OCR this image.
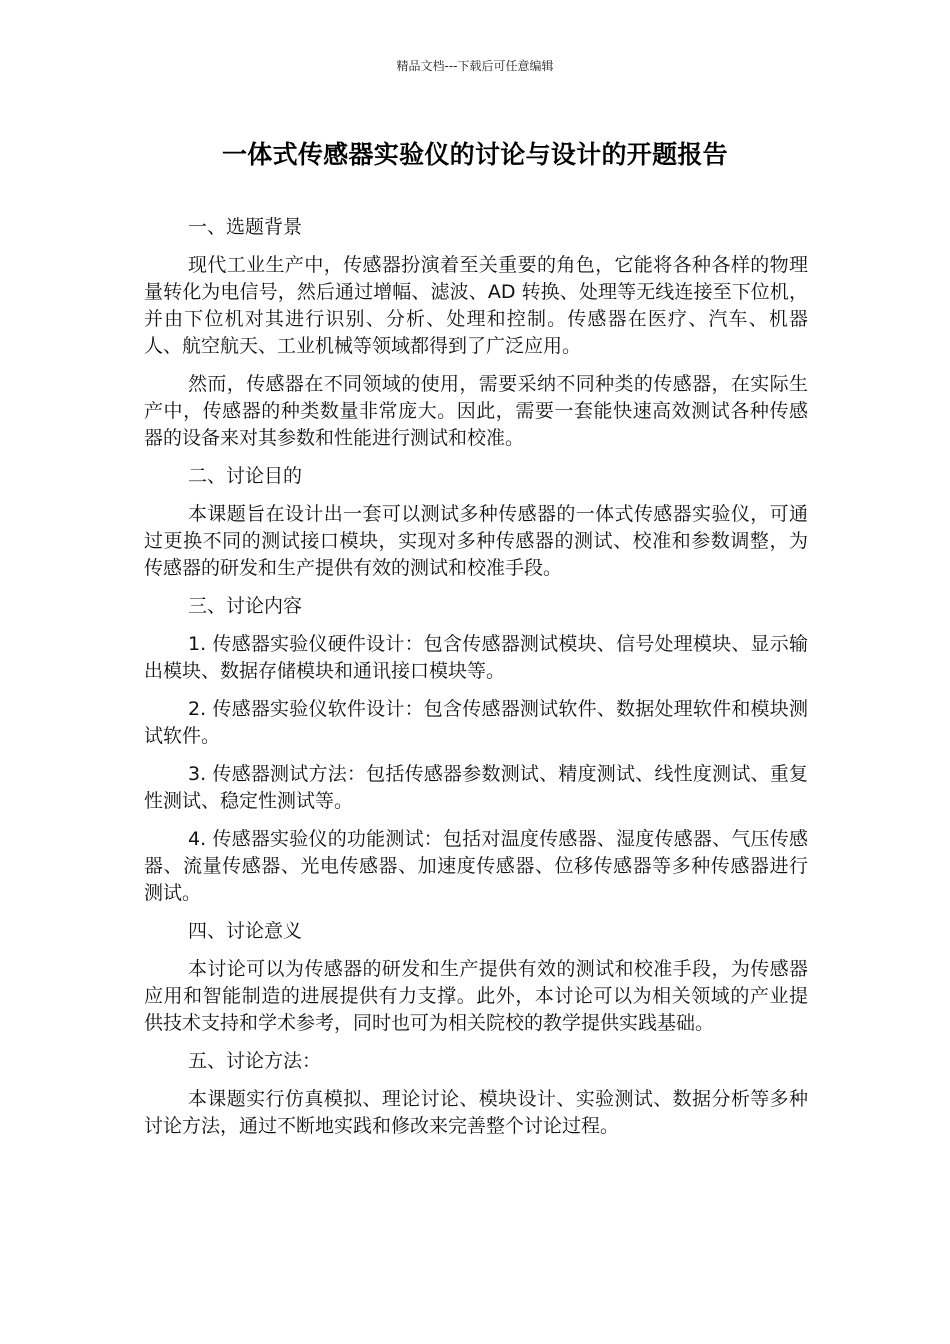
精品文档---下载后可任意编辑
一体式传感器实验仪的讨论与设计的开题报告
一、选题背景

现代工业生产中，传感器扮演着至关重要的角色，它能将各种各样的物理量转化为电信号，然后通过增幅、滤波、AD 转换、处理等无线连接至下位机，并由下位机对其进行识别、分析、处理和控制。传感器在医疗、汽车、机器人、航空航天、工业机械等领域都得到了广泛应用。

然而，传感器在不同领域的使用，需要采纳不同种类的传感器，在实际生产中，传感器的种类数量非常庞大。因此，需要一套能快速高效测试各种传感器的设备来对其参数和性能进行测试和校准。

二、讨论目的

本课题旨在设计出一套可以测试多种传感器的一体式传感器实验仪，可通过更换不同的测试接口模块，实现对多种传感器的测试、校准和参数调整，为传感器的研发和生产提供有效的测试和校准手段。

三、讨论内容

1. 传感器实验仪硬件设计：包含传感器测试模块、信号处理模块、显示输出模块、数据存储模块和通讯接口模块等。

2. 传感器实验仪软件设计：包含传感器测试软件、数据处理软件和模块测试软件。

3. 传感器测试方法：包括传感器参数测试、精度测试、线性度测试、重复性测试、稳定性测试等。

4. 传感器实验仪的功能测试：包括对温度传感器、湿度传感器、气压传感器、流量传感器、光电传感器、加速度传感器、位移传感器等多种传感器进行测试。

四、讨论意义

本讨论可以为传感器的研发和生产提供有效的测试和校准手段，为传感器应用和智能制造的进展提供有力支撑。此外，本讨论可以为相关领域的产业提供技术支持和学术参考，同时也可为相关院校的教学提供实践基础。

五、讨论方法：

本课题实行仿真模拟、理论讨论、模块设计、实验测试、数据分析等多种讨论方法，通过不断地实践和修改来完善整个讨论过程。
